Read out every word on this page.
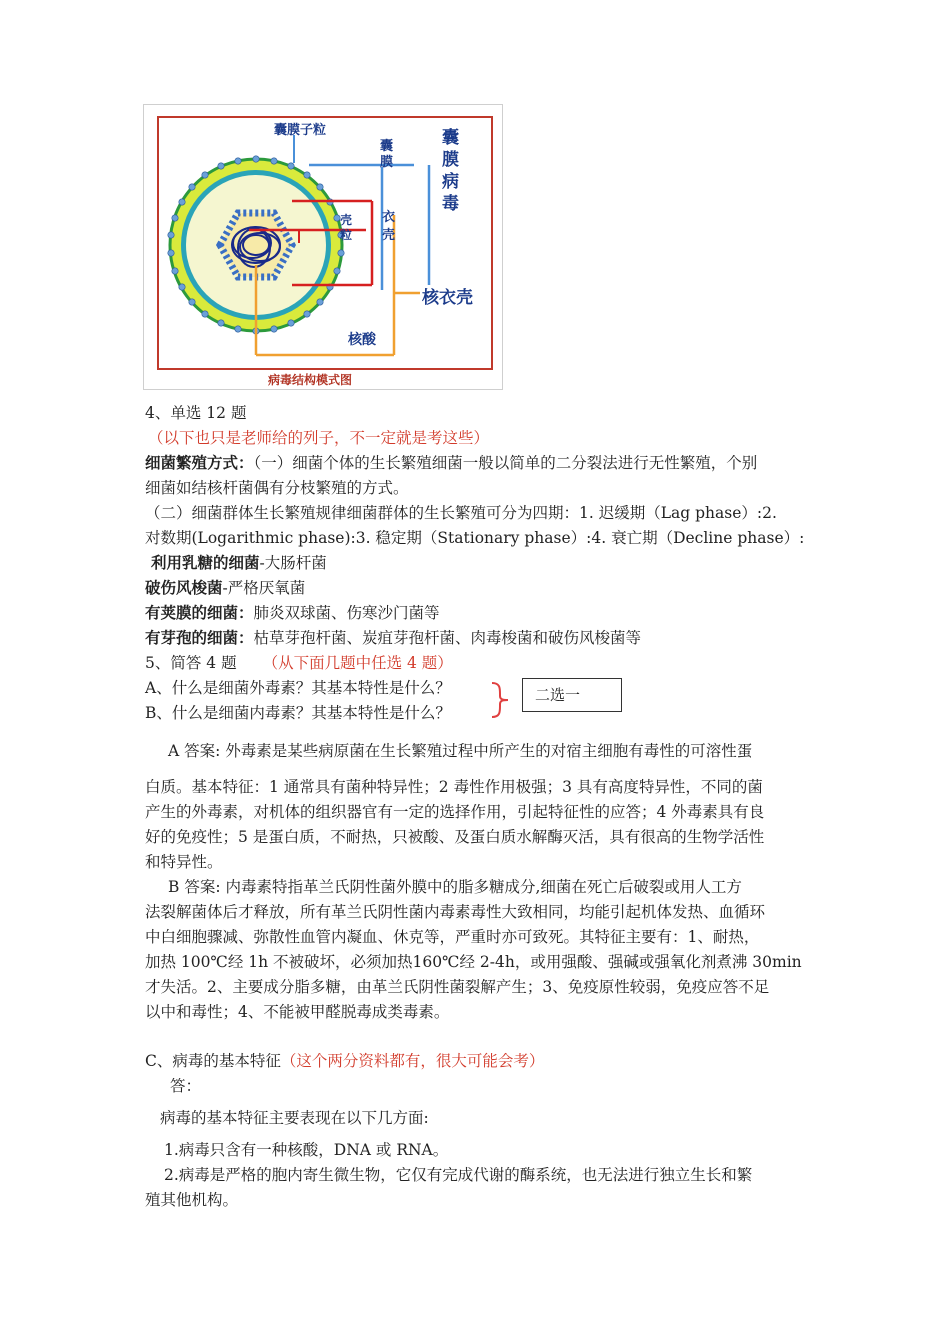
囊膜子粒
囊膜
囊膜病毒
壳粒
衣壳
核衣壳
核酸
病毒结构模式图
4、单选 12 题
（以下也只是老师给的列子，不一定就是考这些）
细菌繁殖方式：（一）细菌个体的生长繁殖细菌一般以简单的二分裂法进行无性繁殖，个别
细菌如结核杆菌偶有分枝繁殖的方式。
（二）细菌群体生长繁殖规律细菌群体的生长繁殖可分为四期：1. 迟缓期（Lag phase）:2.
对数期(Logarithmic phase):3. 稳定期（Stationary phase）:4. 衰亡期（Decline phase）:
利用乳糖的细菌-大肠杆菌
破伤风梭菌-严格厌氧菌
有荚膜的细菌：肺炎双球菌、伤寒沙门菌等
有芽孢的细菌：枯草芽孢杆菌、炭疽芽孢杆菌、肉毒梭菌和破伤风梭菌等
5、简答 4 题 （从下面几题中任选 4 题）
A、什么是细菌外毒素？其基本特性是什么？
B、什么是细菌内毒素？其基本特性是什么？
二选一
A 答案: 外毒素是某些病原菌在生长繁殖过程中所产生的对宿主细胞有毒性的可溶性蛋
白质。基本特征：1 通常具有菌种特异性；2 毒性作用极强；3 具有高度特异性，不同的菌
产生的外毒素，对机体的组织器官有一定的选择作用，引起特征性的应答；4 外毒素具有良
好的免疫性；5 是蛋白质，不耐热，只被酸、及蛋白质水解酶灭活，具有很高的生物学活性
和特异性。
B 答案: 内毒素特指革兰氏阴性菌外膜中的脂多糖成分,细菌在死亡后破裂或用人工方
法裂解菌体后才释放，所有革兰氏阴性菌内毒素毒性大致相同，均能引起机体发热、血循环
中白细胞骤减、弥散性血管内凝血、休克等，严重时亦可致死。其特征主要有：1、耐热，
加热 100℃经 1h 不被破坏，必须加热160℃经 2-4h，或用强酸、强碱或强氧化剂煮沸 30min
才失活。2、主要成分脂多糖，由革兰氏阴性菌裂解产生；3、免疫原性较弱，免疫应答不足
以中和毒性；4、不能被甲醛脱毒成类毒素。
C、病毒的基本特征（这个两分资料都有，很大可能会考）
答：
病毒的基本特征主要表现在以下几方面:
1.病毒只含有一种核酸，DNA 或 RNA。
2.病毒是严格的胞内寄生微生物，它仅有完成代谢的酶系统，也无法进行独立生长和繁
殖其他机构。
